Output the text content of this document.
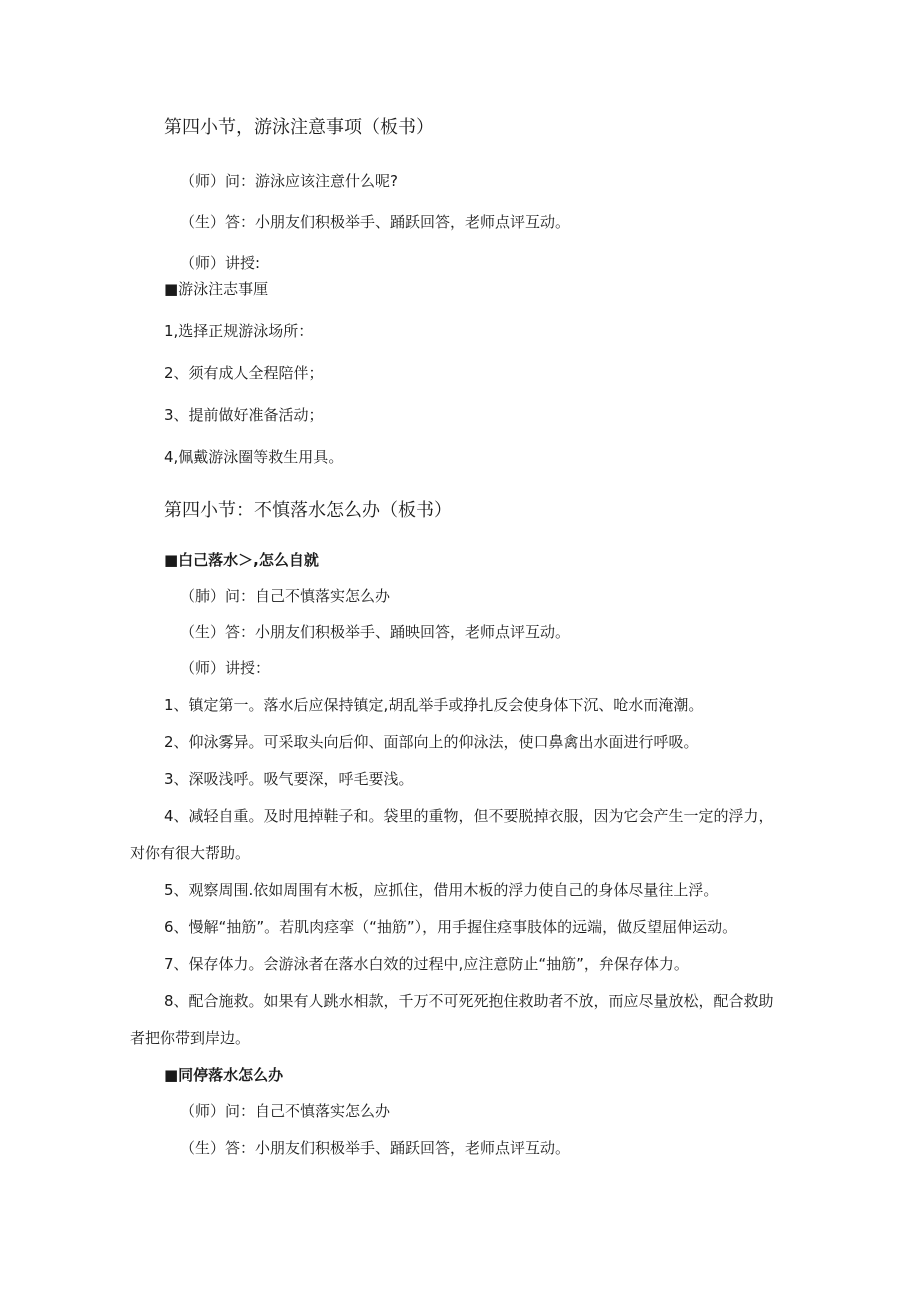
第四小节，游泳注意事项（板书）
（师）问：游泳应该注意什么呢?
（生）答：小朋友们积极举手、踊跃回答，老师点评互动。
（师）讲授:
■游泳注志事厘
1,选择正规游泳场所：
2、须有成人全程陪伴；
3、提前做好准备活动；
4,佩戴游泳圈等救生用具。
第四小节：不慎落水怎么办（板书）
■白己落水＞,怎么自就
（肺）问：自己不慎落实怎么办
（生）答：小朋友们积极举手、踊映回答，老师点评互动。
（师）讲授：
1、镇定第一。落水后应保持镇定,胡乱举手或挣扎反会使身体下沉、呛水而淹潮。
2、仰泳雾异。可采取头向后仰、面部向上的仰泳法，使口鼻禽出水面进行呼吸。
3、深吸浅呼。吸气要深，呼毛要浅。
4、减轻自重。及时甩掉鞋子和。袋里的重物，但不要脱掉衣服，因为它会产生一定的浮力，
对你有很大帮助。
5、观察周围.依如周围有木板，应抓住，借用木板的浮力使自己的身体尽量往上浮。
6、慢解“抽筋”。若肌肉痉挛（“抽筋”），用手握住痉事肢体的远端，做反望屈伸运动。
7、保存体力。会游泳者在落水白效的过程中,应注意防止“抽筋”，弁保存体力。
8、配合施救。如果有人跳水相款，千万不可死死抱住救助者不放，而应尽量放松，配合救助
者把你带到岸边。
■同停落水怎么办
（师）问：自己不慎落实怎么办
（生）答：小朋友们积极举手、踊跃回答，老师点评互动。
